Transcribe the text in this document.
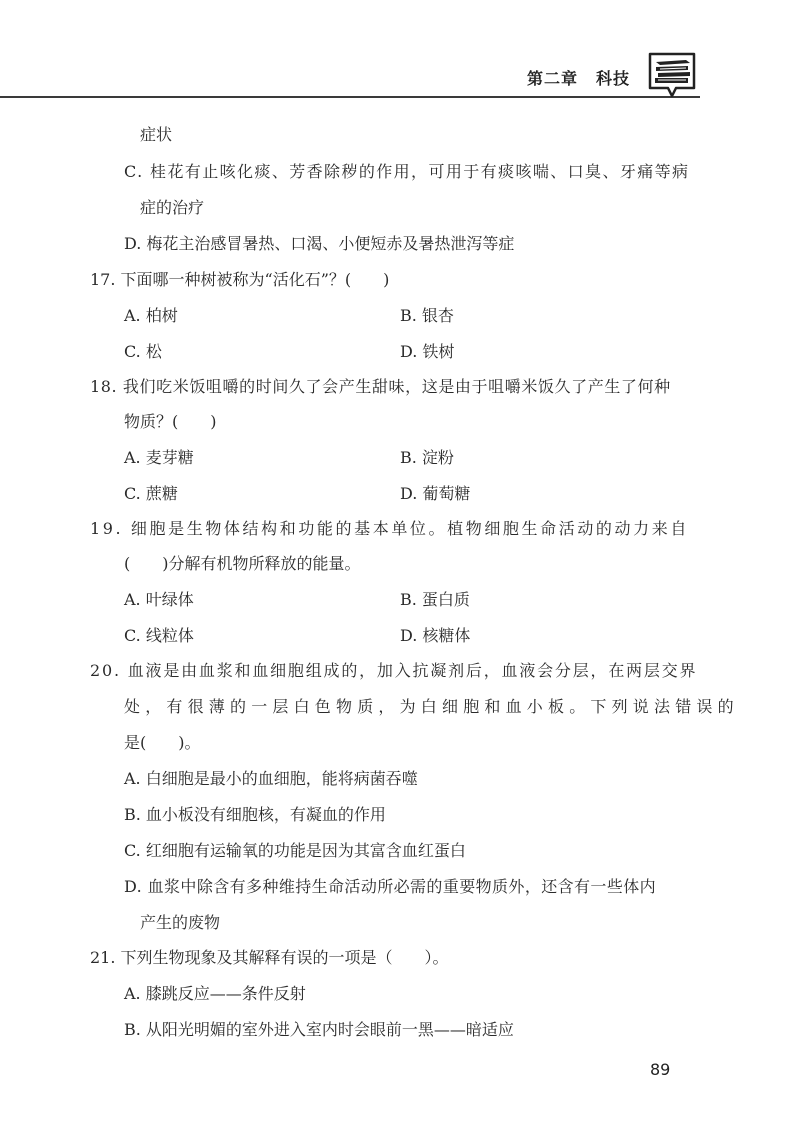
第二章 科技
症状
C. 桂花有止咳化痰、芳香除秽的作用，可用于有痰咳喘、口臭、牙痛等病
症的治疗
D. 梅花主治感冒暑热、口渴、小便短赤及暑热泄泻等症
17. 下面哪一种树被称为“活化石”？(　　)
A. 柏树	B. 银杏
C. 松	D. 铁树
18. 我们吃米饭咀嚼的时间久了会产生甜味，这是由于咀嚼米饭久了产生了何种
物质？(　　)
A. 麦芽糖	B. 淀粉
C. 蔗糖	D. 葡萄糖
19. 细胞是生物体结构和功能的基本单位。植物细胞生命活动的动力来自
(　　)分解有机物所释放的能量。
A. 叶绿体	B. 蛋白质
C. 线粒体	D. 核糖体
20. 血液是由血浆和血细胞组成的，加入抗凝剂后，血液会分层，在两层交界
处，有很薄的一层白色物质，为白细胞和血小板。下列说法错误的
是(　　)。
A. 白细胞是最小的血细胞，能将病菌吞噬
B. 血小板没有细胞核，有凝血的作用
C. 红细胞有运输氧的功能是因为其富含血红蛋白
D. 血浆中除含有多种维持生命活动所必需的重要物质外，还含有一些体内
产生的废物
21. 下列生物现象及其解释有误的一项是（　　）。
A. 膝跳反应——条件反射
B. 从阳光明媚的室外进入室内时会眼前一黑——暗适应
89
